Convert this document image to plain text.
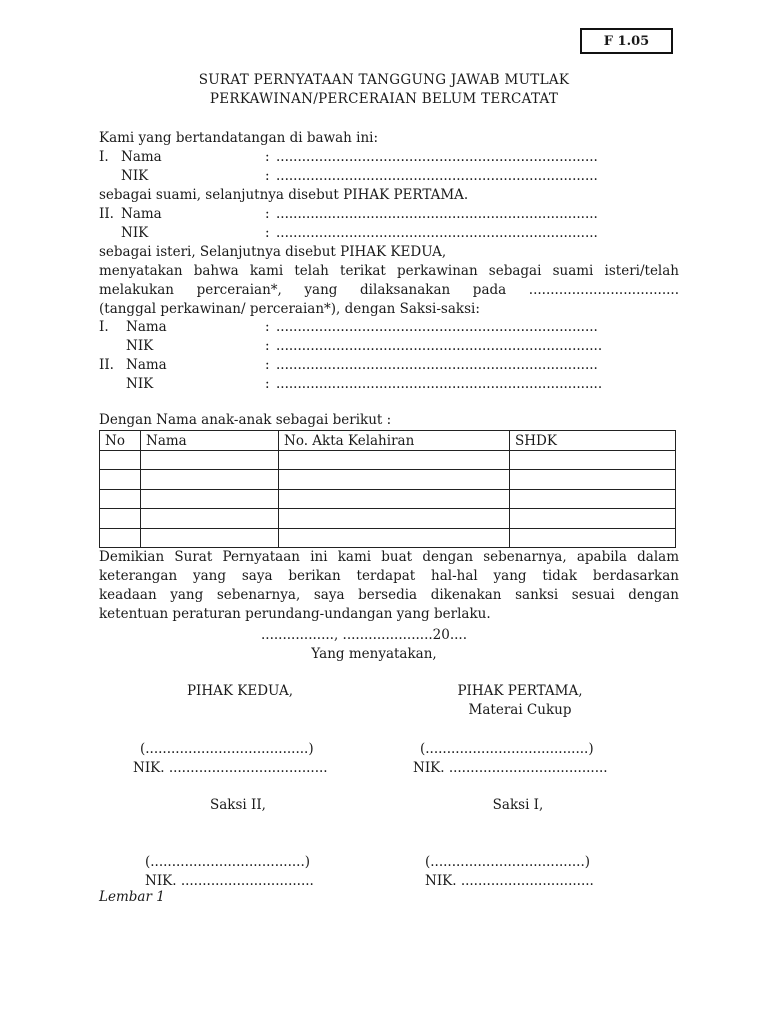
F 1.05
SURAT PERNYATAAN TANGGUNG JAWAB MUTLAK
PERKAWINAN/PERCERAIAN BELUM TERCATAT
Kami yang bertandatangan di bawah ini:
I. Nama	: ...........................................................................
NIK	: ...........................................................................
sebagai suami, selanjutnya disebut PIHAK PERTAMA.
II. Nama	: ...........................................................................
NIK	: ...........................................................................
sebagai isteri, Selanjutnya disebut PIHAK KEDUA,
menyatakan bahwa kami telah terikat perkawinan sebagai suami isteri/telah
melakukan perceraian*, yang dilaksanakan pada ...................................
(tanggal perkawinan/ perceraian*), dengan Saksi-saksi:
I. Nama	: ...........................................................................
NIK	: ............................................................................
II. Nama	: ...........................................................................
NIK	: ............................................................................
Dengan Nama anak-anak sebagai berikut :
No	Nama	No. Akta Kelahiran	SHDK

Demikian Surat Pernyataan ini kami buat dengan sebenarnya, apabila dalam
keterangan yang saya berikan terdapat hal-hal yang tidak berdasarkan
keadaan yang sebenarnya, saya bersedia dikenakan sanksi sesuai dengan
ketentuan peraturan perundang-undangan yang berlaku.
................., .....................20....
Yang menyatakan,
PIHAK KEDUA,	PIHAK PERTAMA,
Materai Cukup
(......................................)	(......................................)
NIK. .....................................	NIK. .....................................
Saksi II,	Saksi I,
(....................................)	(....................................)
NIK. ...............................	NIK. ...............................
Lembar 1
